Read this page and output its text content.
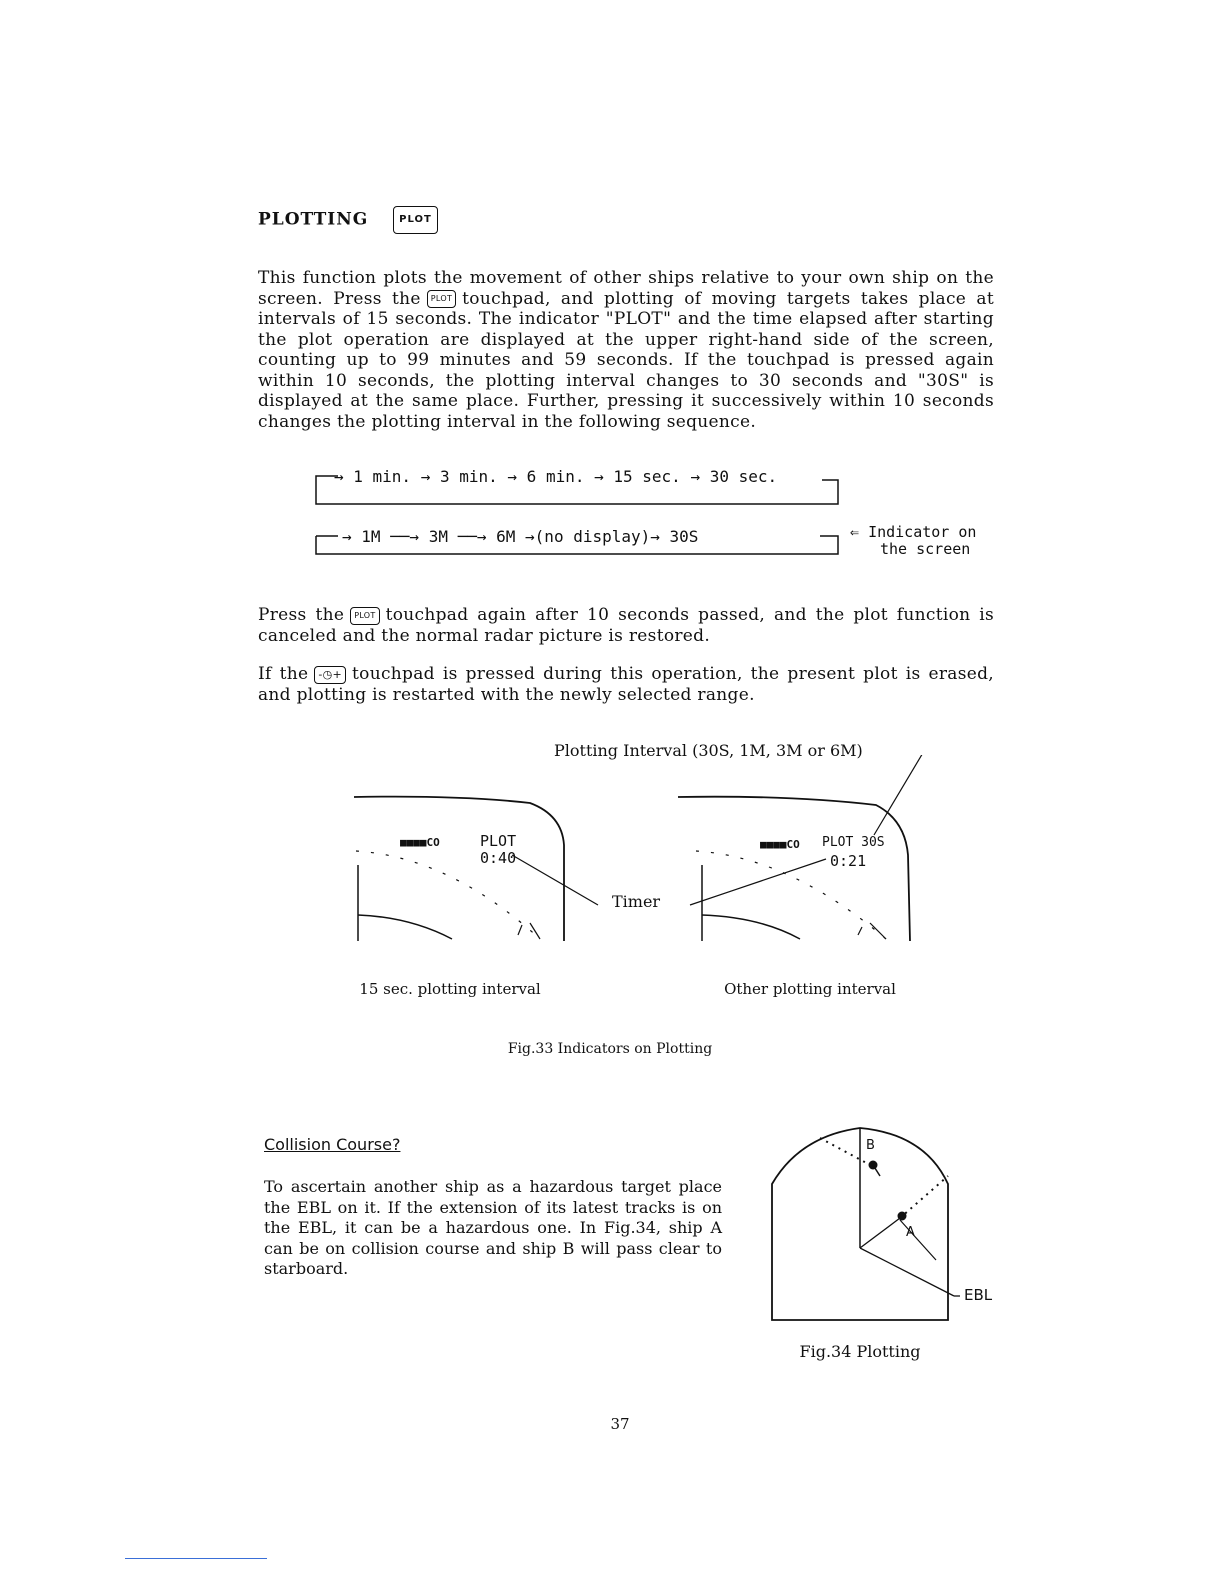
PLOTTING	PLOT
This function plots the movement of other ships relative to your own ship on the screen. Press the PLOT touchpad, and plotting of moving targets takes place at intervals of 15 seconds. The indicator "PLOT" and the time elapsed after starting the plot operation are displayed at the upper right-hand side of the screen, counting up to 99 minutes and 59 seconds. If the touchpad is pressed again within 10 seconds, the plotting interval changes to 30 seconds and "30S" is displayed at the same place. Further, pressing it successively within 10 seconds changes the plotting interval in the following sequence.
→ 1 min. → 3 min. → 6 min. → 15 sec. → 30 sec.
→ 1M ──→ 3M ──→ 6M →(no display)→ 30S	⇐ Indicator on
the screen
Press the PLOT touchpad again after 10 seconds passed, and the plot function is canceled and the normal radar picture is restored.
If the -◷+ touchpad is pressed during this operation, the present plot is erased, and plotting is restarted with the newly selected range.
Plotting Interval (30S, 1M, 3M or 6M)
■■■■CO	PLOT
0:40
■■■■CO PLOT 30S
0:21
Timer
15 sec. plotting interval	Other plotting interval
Fig.33 Indicators on Plotting
Collision Course?
To ascertain another ship as a hazardous target place the EBL on it. If the extension of its latest tracks is on the EBL, it can be a hazardous one. In Fig.34, ship A can be on collision course and ship B will pass clear to starboard.
B
A
EBL
Fig.34 Plotting
37
